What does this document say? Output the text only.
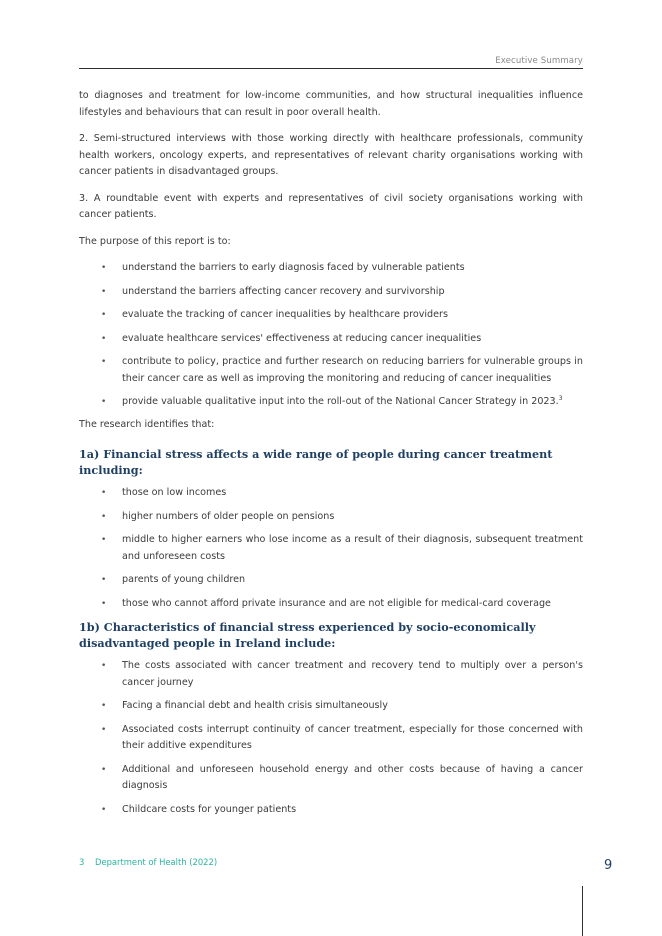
Executive Summary

to diagnoses and treatment for low-income communities, and how structural inequalities influence lifestyles and behaviours that can result in poor overall health.

2. Semi-structured interviews with those working directly with healthcare professionals, community health workers, oncology experts, and representatives of relevant charity organisations working with cancer patients in disadvantaged groups.

3. A roundtable event with experts and representatives of civil society organisations working with cancer patients.

The purpose of this report is to:

• understand the barriers to early diagnosis faced by vulnerable patients
• understand the barriers affecting cancer recovery and survivorship
• evaluate the tracking of cancer inequalities by healthcare providers
• evaluate healthcare services' effectiveness at reducing cancer inequalities
• contribute to policy, practice and further research on reducing barriers for vulnerable groups in their cancer care as well as improving the monitoring and reducing of cancer inequalities
• provide valuable qualitative input into the roll-out of the National Cancer Strategy in 2023.$^3$

The research identifies that:

1a) Financial stress affects a wide range of people during cancer treatment including:
• those on low incomes
• higher numbers of older people on pensions
• middle to higher earners who lose income as a result of their diagnosis, subsequent treatment and unforeseen costs
• parents of young children
• those who cannot afford private insurance and are not eligible for medical-card coverage
1b) Characteristics of financial stress experienced by socio-economically disadvantaged people in Ireland include:
• The costs associated with cancer treatment and recovery tend to multiply over a person's cancer journey
• Facing a financial debt and health crisis simultaneously
• Associated costs interrupt continuity of cancer treatment, especially for those concerned with their additive expenditures
• Additional and unforeseen household energy and other costs because of having a cancer diagnosis
• Childcare costs for younger patients
3 Department of Health (2022)	9
